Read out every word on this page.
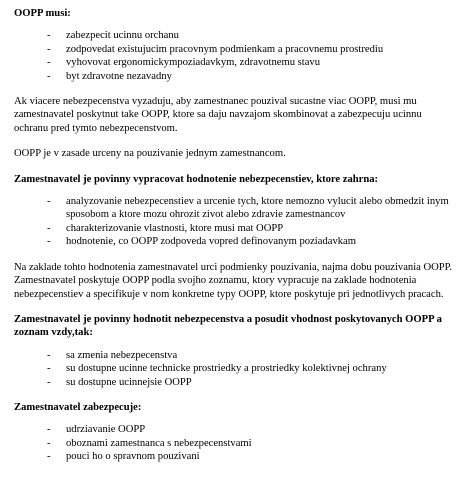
OOPP musi:

- zabezpecit ucinnu orchanu
- zodpovedat existujucim pracovnym podmienkam a pracovnemu prostrediu
- vyhovovat ergonomickympoziadavkym, zdravotnemu stavu
- byt zdravotne nezavadny

Ak viacere nebezpecenstva vyzaduju, aby zamestnanec pouzival sucastne viac OOPP, musi mu zamestnavatel poskytnut take OOPP, ktore sa daju navzajom skombinovat a zabezpecuju ucinnu ochranu pred tymto nebezpecenstvom.

OOPP je v zasade urceny na pouzivanie jednym zamestnancom.

Zamestnavatel je povinny vypracovat hodnotenie nebezpecenstiev, ktore zahrna:

- analyzovanie nebezpecenstiev a urcenie tych, ktore nemozno vylucit alebo obmedzit inym sposobom a ktore mozu ohrozit zivot alebo zdravie zamestnancov
- charakterizovanie vlastnosti, ktore musi mat OOPP
- hodnotenie, co OOPP zodpoveda vopred definovanym poziadavkam

Na zaklade tohto hodnotenia zamestnavatel urci podmienky pouzivania, najma dobu pouzivania OOPP.

Zamestnavatel poskytuje OOPP podla svojho zoznamu, ktory vypracuje na zaklade hodnotenia nebezpecenstiev a specifikuje v nom konkretne typy OOPP, ktore poskytuje pri jednotlivych pracach.

Zamestnavatel je povinny hodnotit nebezpecenstva a posudit vhodnost poskytovanych OOPP a zoznam vzdy,tak:

- sa zmenia nebezpecenstva
- su dostupne ucinne technicke prostriedky a prostriedky kolektivnej ochrany
- su dostupne ucinnejsie OOPP

Zamestnavatel zabezpecuje:

- udrziavanie OOPP
- oboznami zamestnanca s nebezpecenstvami
- pouci ho o spravnom pouzivani
